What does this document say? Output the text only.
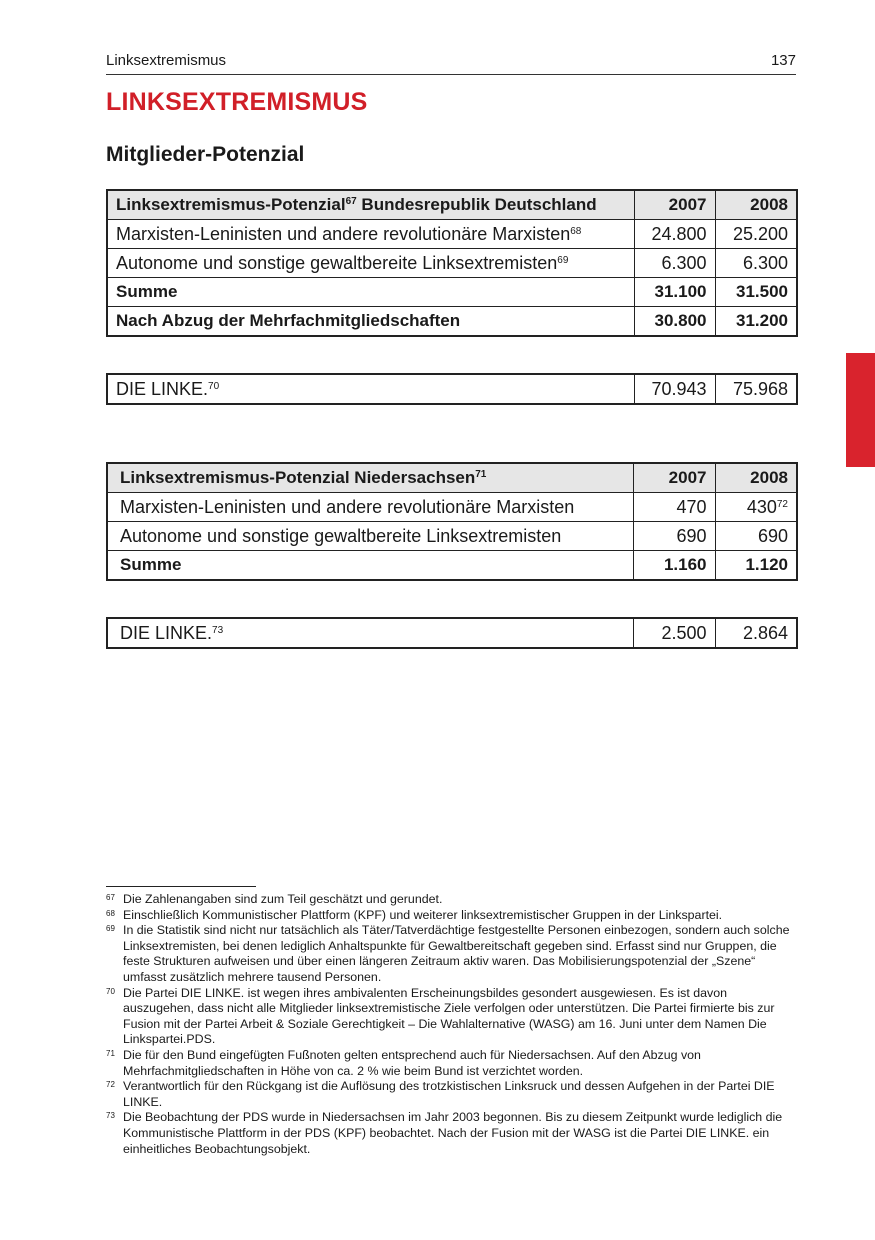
Linksextremismus	137
LINKSEXTREMISMUS
Mitglieder-Potenzial
Linksextremismus-Potenzial$^{67}$ Bundesrepublik Deutschland	2007	2008
Marxisten-Leninisten und andere revolutionäre Marxisten$^{68}$	24.800	25.200
Autonome und sonstige gewaltbereite Linksextremisten$^{69}$	6.300	6.300
Summe	31.100	31.500
Nach Abzug der Mehrfachmitgliedschaften	30.800	31.200
DIE LINKE.$^{70}$	70.943	75.968
Linksextremismus-Potenzial Niedersachsen$^{71}$	2007	2008
Marxisten-Leninisten und andere revolutionäre Marxisten	470	$430^{72}$
Autonome und sonstige gewaltbereite Linksextremisten	690	690
Summe	1.160	1.120
DIE LINKE.$^{73}$	2.500	2.864
67 Die Zahlenangaben sind zum Teil geschätzt und gerundet.
68 Einschließlich Kommunistischer Plattform (KPF) und weiterer linksextremistischer Gruppen in der Linkspartei.
69 In die Statistik sind nicht nur tatsächlich als Täter/Tatverdächtige festgestellte Personen einbezogen, sondern auch solche Linksextremisten, bei denen lediglich Anhaltspunkte für Gewaltbereitschaft gegeben sind. Erfasst sind nur Gruppen, die feste Strukturen aufweisen und über einen längeren Zeitraum aktiv waren. Das Mobilisierungspotenzial der „Szene“ umfasst zusätzlich mehrere tausend Personen.
70 Die Partei DIE LINKE. ist wegen ihres ambivalenten Erscheinungsbildes gesondert ausgewiesen. Es ist davon auszugehen, dass nicht alle Mitglieder linksextremistische Ziele verfolgen oder unterstützen. Die Partei firmierte bis zur Fusion mit der Partei Arbeit & Soziale Gerechtigkeit – Die Wahlalternative (WASG) am 16. Juni unter dem Namen Die Linkspartei.PDS.
71 Die für den Bund eingefügten Fußnoten gelten entsprechend auch für Niedersachsen. Auf den Abzug von Mehrfachmitgliedschaften in Höhe von ca. 2 % wie beim Bund ist verzichtet worden.
72 Verantwortlich für den Rückgang ist die Auflösung des trotzkistischen Linksruck und dessen Aufgehen in der Partei DIE LINKE.
73 Die Beobachtung der PDS wurde in Niedersachsen im Jahr 2003 begonnen. Bis zu diesem Zeitpunkt wurde lediglich die Kommunistische Plattform in der PDS (KPF) beobachtet. Nach der Fusion mit der WASG ist die Partei DIE LINKE. ein einheitliches Beobachtungsobjekt.
